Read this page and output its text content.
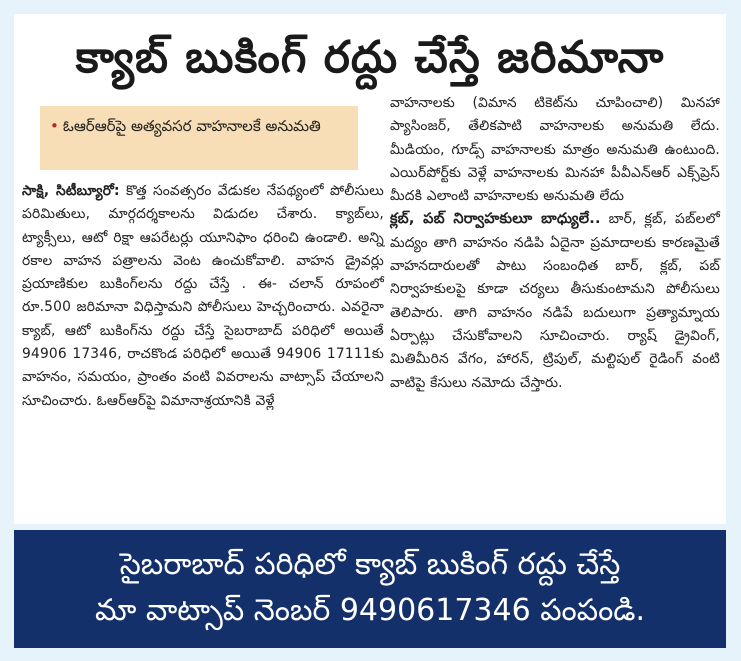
క్యాబ్ బుకింగ్ రద్దు చేస్తే జరిమానా
• ఓఆర్ఆర్‌పై అత్యవసర వాహనాలకే అనుమతి

సాక్షి, సిటీబ్యూరో: కొత్త సంవత్సరం వేడుకల నేపథ్యంలో పోలీసులు పరిమితులు, మార్గదర్శకాలను విడుదల చేశారు. క్యాబ్‌లు, ట్యాక్సీలు, ఆటో రిక్షా ఆపరేటర్లు యూనిఫాం ధరించి ఉండాలి. అన్ని రకాల వాహన పత్రాలను వెంట ఉంచుకోవాలి. వాహన డ్రైవర్లు ప్రయాణికుల బుకింగ్‌లను రద్దు చేస్తే . ఈ- చలాన్ రూపంలో రూ.500 జరిమానా విధిస్తామని పోలీసులు హెచ్చరించారు. ఎవరైనా క్యాబ్, ఆటో బుకింగ్‌ను రద్దు చేస్తే సైబరాబాద్ పరిధిలో అయితే 94906 17346, రాచకొండ పరిధిలో అయితే 94906 17111కు వాహనం, సమయం, ప్రాంతం వంటి వివరాలను వాట్సాప్ చేయాలని సూచించారు. ఓఆర్ఆర్‌పై విమానాశ్రయానికి వెళ్లే

వాహనాలకు (విమాన టికెట్‌ను చూపించాలి) మినహా ప్యాసింజర్, తేలికపాటి వాహనాలకు అనుమతి లేదు. మీడియం, గూడ్స్ వాహనాలకు మాత్రం అనుమతి ఉంటుంది. ఎయిర్‌పోర్ట్‌కు వెళ్లే వాహనాలకు మినహా పీవీఎన్ఆర్ ఎక్స్‌ప్రెస్ మీదకి ఎలాంటి వాహనాలకు అనుమతి లేదు

క్లబ్, పబ్ నిర్వాహకులూ బాధ్యులే.. బార్, క్లబ్, పబ్‌లలో మద్యం తాగి వాహనం నడిపి ఏదైనా ప్రమాదాలకు కారణమైతే వాహనదారులతో పాటు సంబంధిత బార్, క్లబ్, పబ్ నిర్వాహకులపై కూడా చర్యలు తీసుకుంటామని పోలీసులు తెలిపారు. తాగి వాహనం నడిపే బదులుగా ప్రత్యామ్నాయ ఏర్పాట్లు చేసుకోవాలని సూచించారు. ర్యాష్ డ్రైవింగ్, మితిమీరిన వేగం, హారన్, ట్రిపుల్, మల్టిపుల్ రైడింగ్ వంటి వాటిపై కేసులు నమోదు చేస్తారు.

సైబరాబాద్ పరిధిలో క్యాబ్ బుకింగ్ రద్దు చేస్తే
మా వాట్సాప్ నెంబర్ 9490617346 పంపండి.
